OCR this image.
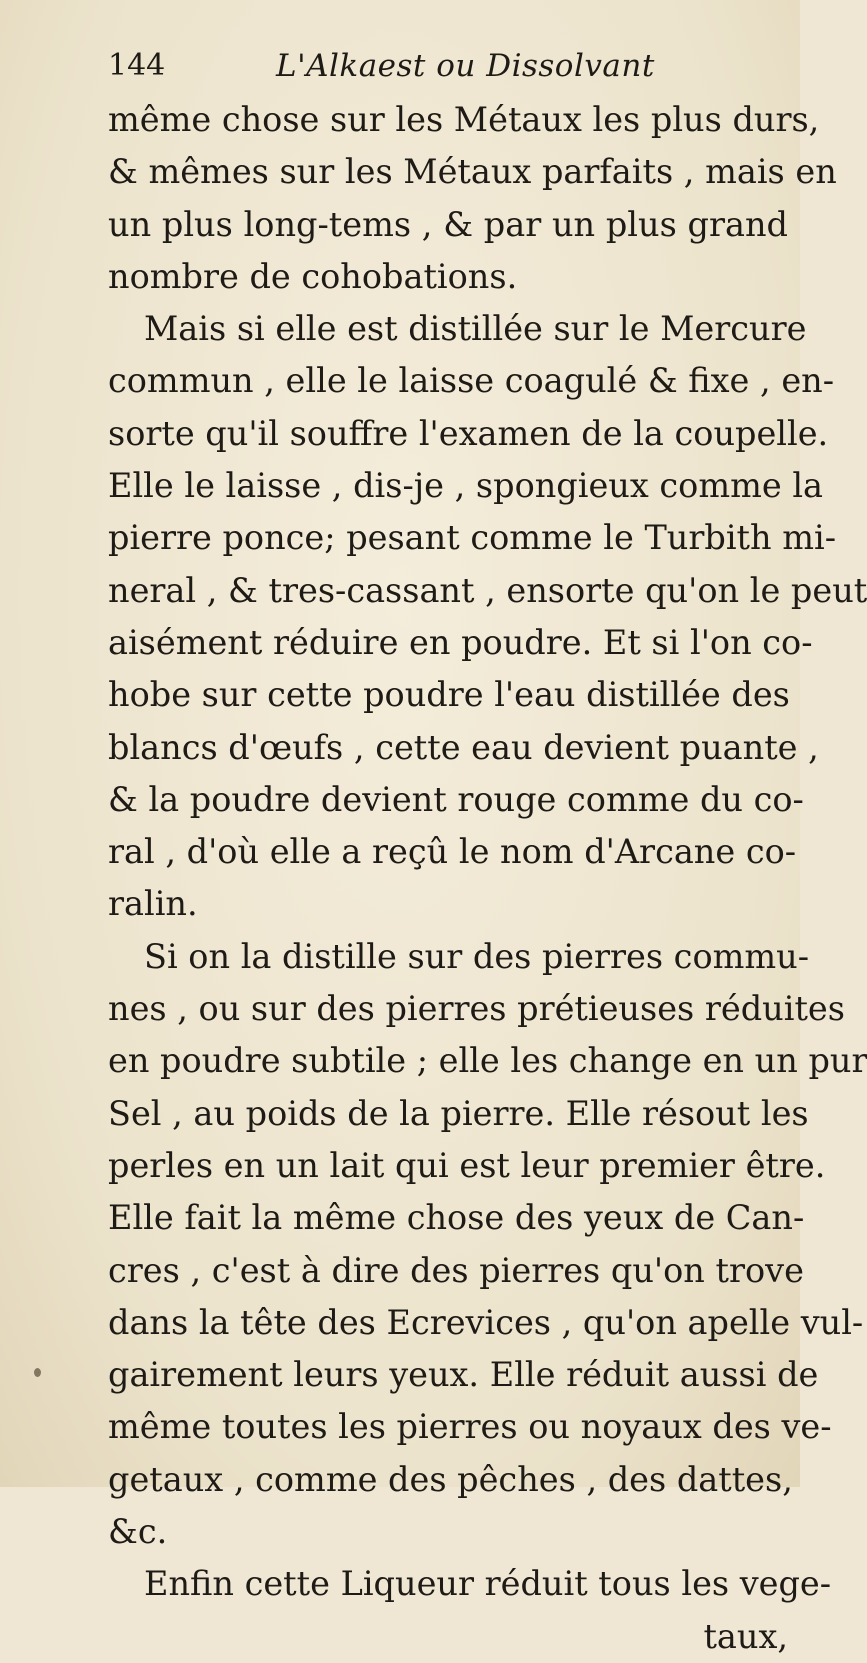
144	L'Alkaest ou Dissolvant
même chose sur les Métaux les plus durs,
& mêmes sur les Métaux parfaits , mais en
un plus long-tems , & par un plus grand
nombre de cohobations.
Mais si elle est distillée sur le Mercure
commun , elle le laisse coagulé & fixe , en-
sorte qu'il souffre l'examen de la coupelle.
Elle le laisse , dis-je , spongieux comme la
pierre ponce; pesant comme le Turbith mi-
neral , & tres-cassant , ensorte qu'on le peut
aisément réduire en poudre. Et si l'on co-
hobe sur cette poudre l'eau distillée des
blancs d'œufs , cette eau devient puante ,
& la poudre devient rouge comme du co-
ral , d'où elle a reçû le nom d'Arcane co-
ralin.
Si on la distille sur des pierres commu-
nes , ou sur des pierres prétieuses réduites
en poudre subtile ; elle les change en un pur
Sel , au poids de la pierre. Elle résout les
perles en un lait qui est leur premier être.
Elle fait la même chose des yeux de Can-
cres , c'est à dire des pierres qu'on trove
dans la tête des Ecrevices , qu'on apelle vul-
gairement leurs yeux. Elle réduit aussi de
même toutes les pierres ou noyaux des ve-
getaux , comme des pêches , des dattes,
&c.
Enfin cette Liqueur réduit tous les vege-
taux,
